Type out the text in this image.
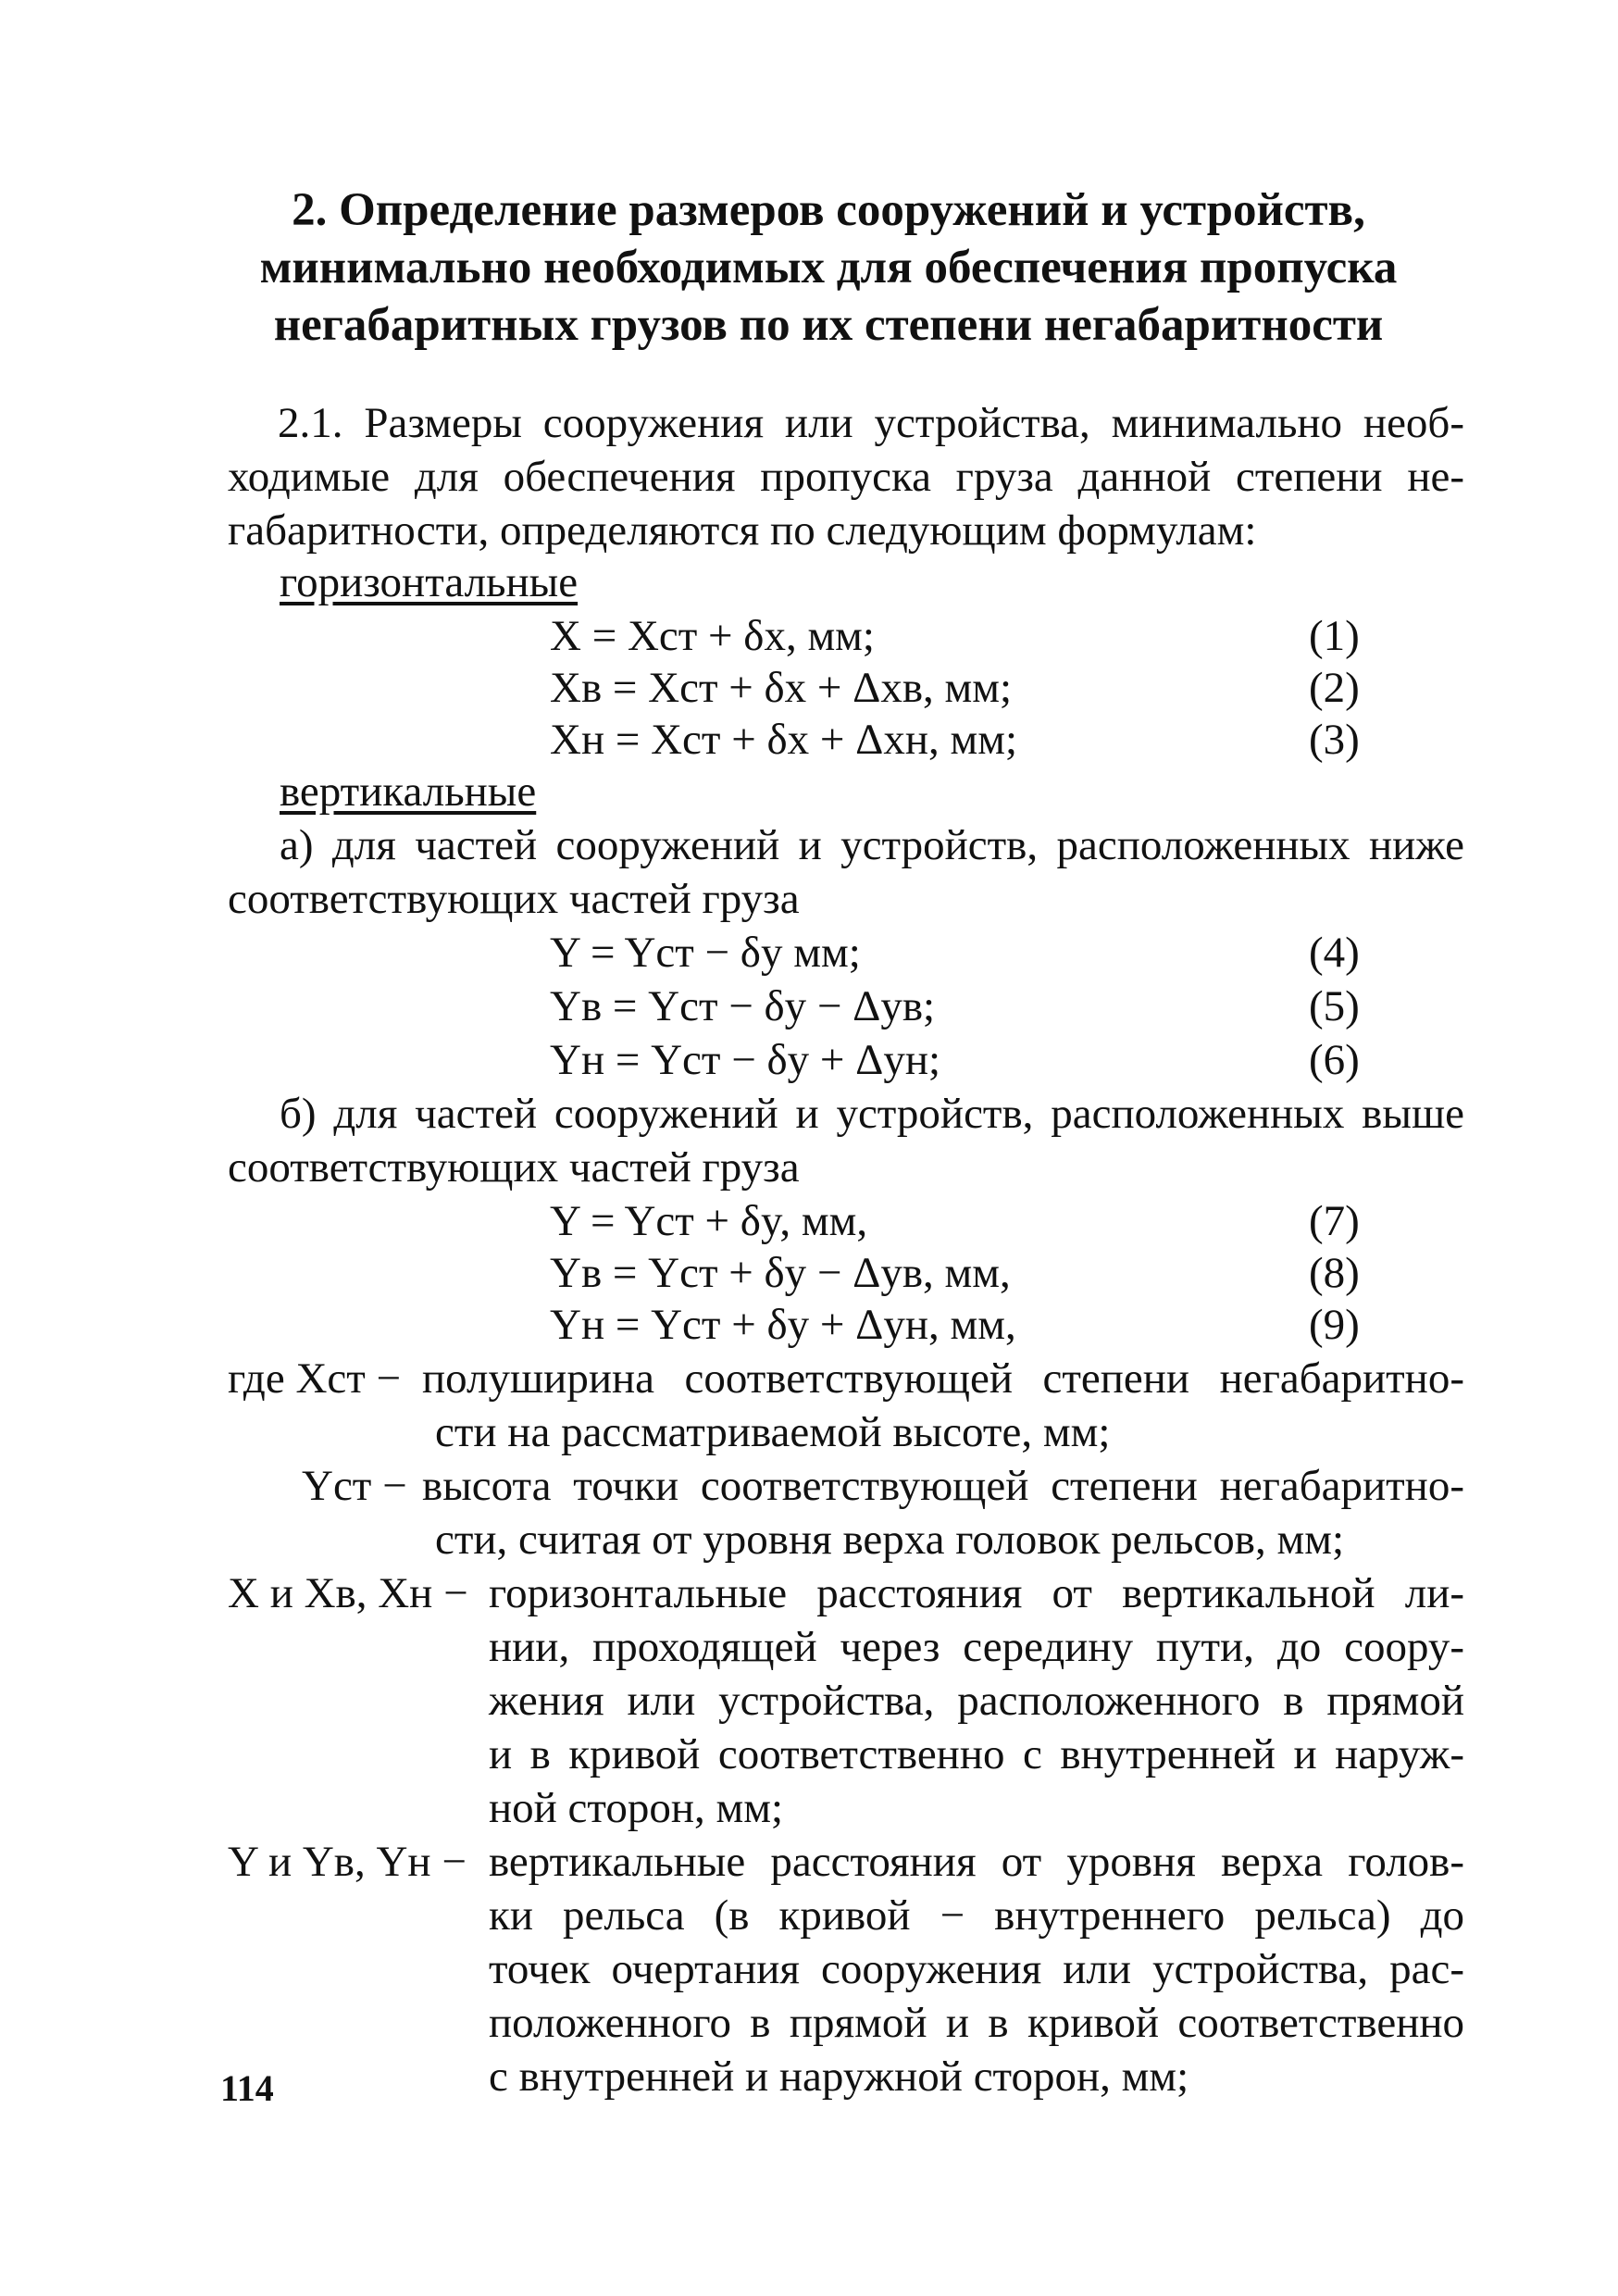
2. Определение размеров сооружений и устройств,
минимально необходимых для обеспечения пропуска
негабаритных грузов по их степени негабаритности
2.1. Размеры сооружения или устройства, минимально необ-
ходимые для обеспечения пропуска груза данной степени не-
габаритности, определяются по следующим формулам:
горизонтальные
X = Xст + δx, мм;	(1)
Xв = Xст + δx + Δxв, мм;	(2)
Xн = Xст + δx + Δxн, мм;	(3)
вертикальные
а) для частей сооружений и устройств, расположенных ниже
соответствующих частей груза
Y = Yст − δy мм;	(4)
Yв = Yст − δy − Δyв;	(5)
Yн = Yст − δy + Δyн;	(6)
б) для частей сооружений и устройств, расположенных выше
соответствующих частей груза
Y = Yст + δy, мм,	(7)
Yв = Yст + δy − Δyв, мм,	(8)
Yн = Yст + δy + Δyн, мм,	(9)
где Xст − полуширина соответствующей степени негабаритно-
сти на рассматриваемой высоте, мм;
Yст − высота точки соответствующей степени негабаритно-
сти, считая от уровня верха головок рельсов, мм;
X и Xв, Xн − горизонтальные расстояния от вертикальной ли-
нии, проходящей через середину пути, до соору-
жения или устройства, расположенного в прямой
и в кривой соответственно с внутренней и наруж-
ной сторон, мм;
Y и Yв, Yн − вертикальные расстояния от уровня верха голов-
ки рельса (в кривой − внутреннего рельса) до
точек очертания сооружения или устройства, рас-
положенного в прямой и в кривой соответственно
с внутренней и наружной сторон, мм;
114
